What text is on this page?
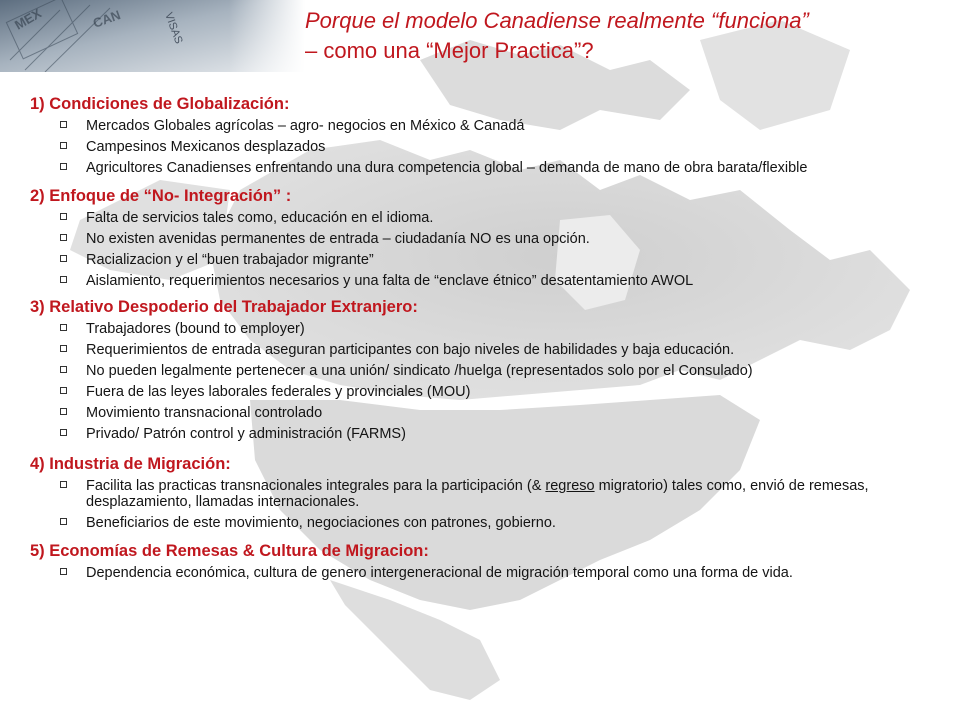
Porque el modelo Canadiense realmente “funciona”
– como una “Mejor Practica”?
1) Condiciones de Globalización:
Mercados Globales agrícolas – agro- negocios en México & Canadá
Campesinos Mexicanos desplazados
Agricultores Canadienses enfrentando una dura competencia global – demanda de mano de obra barata/flexible
2) Enfoque de “No- Integración” :
Falta de servicios tales como, educación en el idioma.
No existen avenidas permanentes de entrada – ciudadanía NO es una opción.
Racializacion y el “buen trabajador migrante”
Aislamiento, requerimientos necesarios y una falta de “enclave étnico” desatentamiento AWOL
3) Relativo Despoderio del Trabajador Extranjero:
Trabajadores (bound to employer)
Requerimientos de entrada aseguran participantes con bajo niveles de habilidades y baja educación.
No pueden legalmente pertenecer a una unión/ sindicato /huelga (representados solo por el Consulado)
Fuera de las leyes laborales federales y provinciales (MOU)
Movimiento transnacional controlado
Privado/ Patrón control y administración (FARMS)
4) Industria de Migración:
Facilita las practicas transnacionales integrales para la participación (& regreso migratorio) tales como, envió de remesas, desplazamiento, llamadas internacionales.
Beneficiarios de este movimiento, negociaciones con patrones, gobierno.
5) Economías de Remesas & Cultura de Migracion:
Dependencia económica, cultura de genero intergeneracional de migración temporal como una forma de vida.
